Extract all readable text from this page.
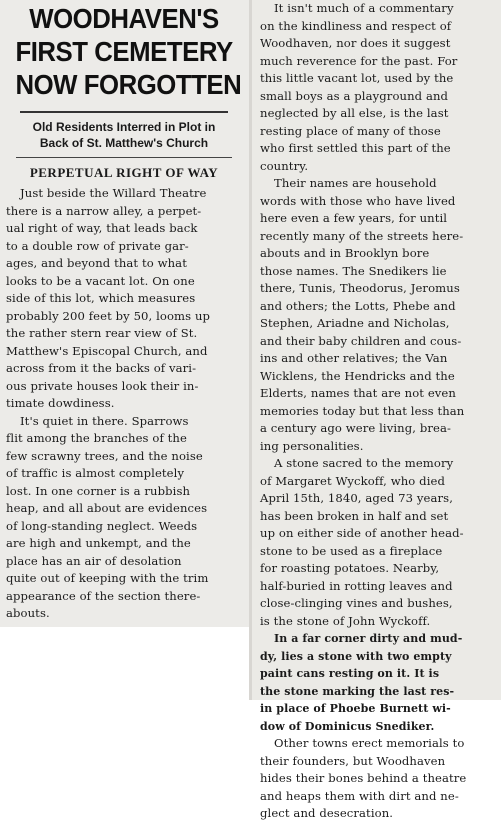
WOODHAVEN'S
FIRST CEMETERY
NOW FORGOTTEN
Old Residents Interred in Plot in
Back of St. Matthew's Church
PERPETUAL RIGHT OF WAY
Just beside the Willard Theatre
there is a narrow alley, a perpet-
ual right of way, that leads back
to a double row of private gar-
ages, and beyond that to what
looks to be a vacant lot. On one
side of this lot, which measures
probably 200 feet by 50, looms up
the rather stern rear view of St.
Matthew's Episcopal Church, and
across from it the backs of vari-
ous private houses look their in-
timate dowdiness.
It's quiet in there. Sparrows
flit among the branches of the
few scrawny trees, and the noise
of traffic is almost completely
lost. In one corner is a rubbish
heap, and all about are evidences
of long-standing neglect. Weeds
are high and unkempt, and the
place has an air of desolation
quite out of keeping with the trim
appearance of the section there-
abouts.
It isn't much of a commentary
on the kindliness and respect of
Woodhaven, nor does it suggest
much reverence for the past. For
this little vacant lot, used by the
small boys as a playground and
neglected by all else, is the last
resting place of many of those
who first settled this part of the
country.
Their names are household
words with those who have lived
here even a few years, for until
recently many of the streets here-
abouts and in Brooklyn bore
those names. The Snedikers lie
there, Tunis, Theodorus, Jeromus
and others; the Lotts, Phebe and
Stephen, Ariadne and Nicholas,
and their baby children and cous-
ins and other relatives; the Van
Wicklens, the Hendricks and the
Elderts, names that are not even
memories today but that less than
a century ago were living, brea-
ing personalities.
A stone sacred to the memory
of Margaret Wyckoff, who died
April 15th, 1840, aged 73 years,
has been broken in half and set
up on either side of another head-
stone to be used as a fireplace
for roasting potatoes. Nearby,
half-buried in rotting leaves and
close-clinging vines and bushes,
is the stone of John Wyckoff.
In a far corner dirty and mud-
dy, lies a stone with two empty
paint cans resting on it. It is
the stone marking the last res-
in place of Phoebe Burnett wi-
dow of Dominicus Snediker.
Other towns erect memorials to
their founders, but Woodhaven
hides their bones behind a theatre
and heaps them with dirt and ne-
glect and desecration.
